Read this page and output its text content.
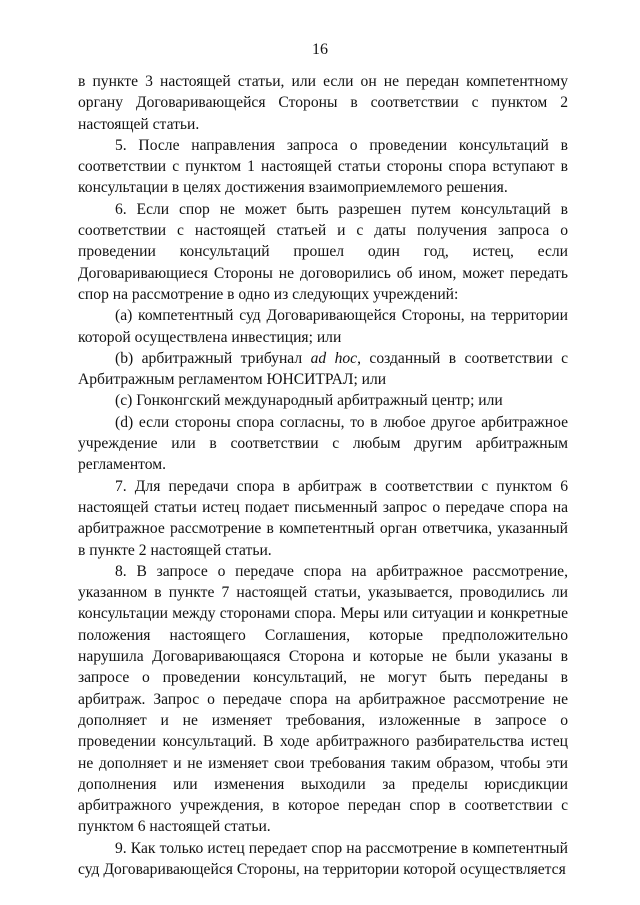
16

в пункте 3 настоящей статьи, или если он не передан компетентному органу Договаривающейся Стороны в соответствии с пунктом 2 настоящей статьи.

5. После направления запроса о проведении консультаций в соответствии с пунктом 1 настоящей статьи стороны спора вступают в консультации в целях достижения взаимоприемлемого решения.

6. Если спор не может быть разрешен путем консультаций в соответствии с настоящей статьей и с даты получения запроса о проведении консультаций прошел один год, истец, если Договаривающиеся Стороны не договорились об ином, может передать спор на рассмотрение в одно из следующих учреждений:

(а) компетентный суд Договаривающейся Стороны, на территории которой осуществлена инвестиция; или

(b) арбитражный трибунал ad hoc, созданный в соответствии с Арбитражным регламентом ЮНСИТРАЛ; или

(с) Гонконгский международный арбитражный центр; или

(d) если стороны спора согласны, то в любое другое арбитражное учреждение или в соответствии с любым другим арбитражным регламентом.

7. Для передачи спора в арбитраж в соответствии с пунктом 6 настоящей статьи истец подает письменный запрос о передаче спора на арбитражное рассмотрение в компетентный орган ответчика, указанный в пункте 2 настоящей статьи.

8. В запросе о передаче спора на арбитражное рассмотрение, указанном в пункте 7 настоящей статьи, указывается, проводились ли консультации между сторонами спора. Меры или ситуации и конкретные положения настоящего Соглашения, которые предположительно нарушила Договаривающаяся Сторона и которые не были указаны в запросе о проведении консультаций, не могут быть переданы в арбитраж. Запрос о передаче спора на арбитражное рассмотрение не дополняет и не изменяет требования, изложенные в запросе о проведении консультаций. В ходе арбитражного разбирательства истец не дополняет и не изменяет свои требования таким образом, чтобы эти дополнения или изменения выходили за пределы юрисдикции арбитражного учреждения, в которое передан спор в соответствии с пунктом 6 настоящей статьи.

9. Как только истец передает спор на рассмотрение в компетентный суд Договаривающейся Стороны, на территории которой осуществляется
